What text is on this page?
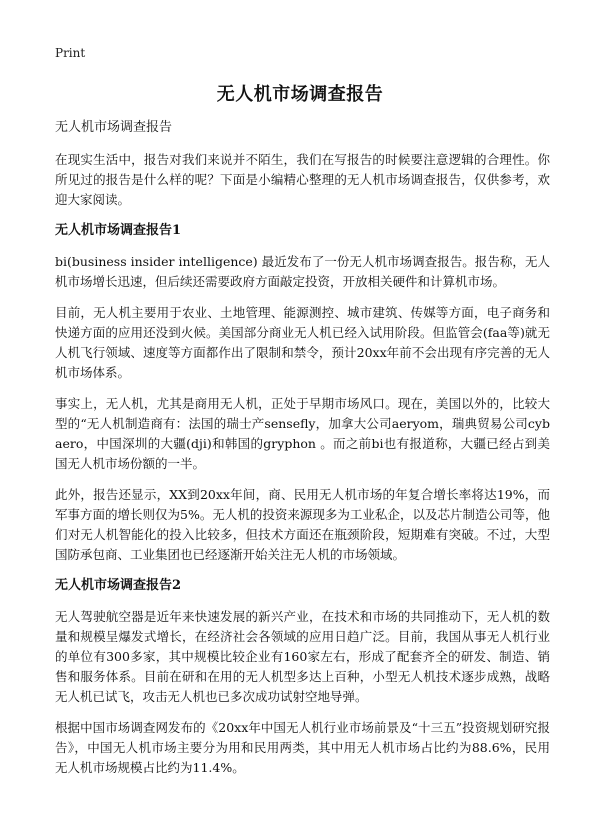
Print
无人机市场调查报告
无人机市场调查报告

在现实生活中，报告对我们来说并不陌生，我们在写报告的时候要注意逻辑的合理性。你所见过的报告是什么样的呢？下面是小编精心整理的无人机市场调查报告，仅供参考，欢迎大家阅读。

无人机市场调查报告1

bi(business insider intelligence) 最近发布了一份无人机市场调查报告。报告称，无人机市场增长迅速，但后续还需要政府方面敲定投资，开放相关硬件和计算机市场。

目前，无人机主要用于农业、土地管理、能源测控、城市建筑、传媒等方面，电子商务和快递方面的应用还没到火候。美国部分商业无人机已经入试用阶段。但监管会(faa等)就无人机飞行领域、速度等方面都作出了限制和禁令，预计20xx年前不会出现有序完善的无人机市场体系。

事实上，无人机，尤其是商用无人机，正处于早期市场风口。现在，美国以外的，比较大型的“无人机制造商有：法国的瑞士产sensefly，加拿大公司aeryom，瑞典贸易公司cybaero，中国深圳的大疆(dji)和韩国的gryphon 。而之前bi也有报道称，大疆已经占到美国无人机市场份额的一半。

此外，报告还显示，XX到20xx年间，商、民用无人机市场的年复合增长率将达19%，而军事方面的增长则仅为5%。无人机的投资来源现多为工业私企，以及芯片制造公司等，他们对无人机智能化的投入比较多，但技术方面还在瓶颈阶段，短期难有突破。不过，大型国防承包商、工业集团也已经逐渐开始关注无人机的市场领域。

无人机市场调查报告2

无人驾驶航空器是近年来快速发展的新兴产业，在技术和市场的共同推动下，无人机的数量和规模呈爆发式增长，在经济社会各领域的应用日趋广泛。目前，我国从事无人机行业的单位有300多家，其中规模比较企业有160家左右，形成了配套齐全的研发、制造、销售和服务体系。目前在研和在用的无人机型多达上百种，小型无人机技术逐步成熟，战略无人机已试飞，攻击无人机也已多次成功试射空地导弹。

根据中国市场调查网发布的《20xx年中国无人机行业市场前景及“十三五”投资规划研究报告》，中国无人机市场主要分为用和民用两类，其中用无人机市场占比约为88.6%，民用无人机市场规模占比约为11.4%。
